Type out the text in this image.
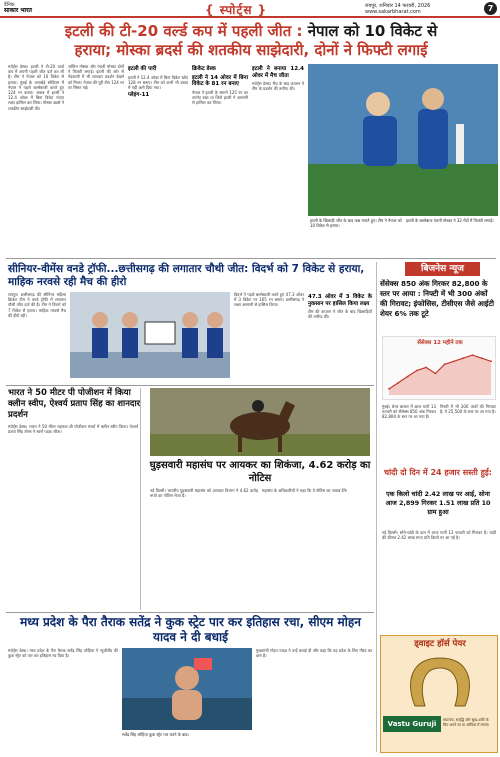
दैनिक
साकार भारत	{ स्पोर्ट्स }	रायपुर, शनिवार 14 फरवरी, 2026
www.sakarbharat.com	7
इटली की टी-20 वर्ल्ड कप में पहली जीत : नेपाल को 10 विकेट से
हराया; मोस्का ब्रदर्स की शतकीय साझेदारी, दोनों ने फिफ्टी लगाई
स्पोर्ट्स डेस्क। इटली ने टी-20 वर्ल्ड कप में अपनी पहली जीत दर्ज कर ली है। टीम ने नेपाल को 10 विकेट से हराया। मुंबई के वानखेड़े स्टेडियम में नेपाल ने पहले बल्लेबाजी करते हुए 124 रन बनाए। जवाब में इटली ने 12.4 ओवर में बिना विकेट गंवाए लक्ष्य हासिल कर लिया। मोस्का ब्रदर्स ने शतकीय साझेदारी की।
जस्टिन मोस्का और एंथनी मोस्का दोनों ने फिफ्टी लगाई। इटली की ओर से गेंदबाजी में भी शानदार प्रदर्शन देखने को मिला। नेपाल की पूरी टीम 124 रन पर सिमट गई।
इटली की पारी
इटली ने 12.4 ओवर में बिना विकेट खोए 128 रन बनाए। टीम को कभी भी दबाव में नहीं आने दिया गया।
प्लेइंग-11
क्रिकेट डेस्क
इटली ने 14 ओवर में बिना विकेट के 81 रन बनाए
नेपाल ने इटली के सामने 125 रन का टारगेट रखा था जिसे इटली ने आसानी से हासिल कर लिया।
इटली ने बनाया 12.4 ओवर में मैच जीता
स्पोर्ट्स डेस्क। मैच के बाद कप्तान ने टीम के प्रदर्शन की तारीफ की।
इटली के खिलाड़ी जीत के बाद जश्न मनाते हुए। टीम ने नेपाल को 10 विकेट से हराया।
इटली के बल्लेबाज एंथनी मोस्का ने 32 गेंदों में फिफ्टी लगाई।
सीनियर-वीमेंस वनडे ट्रॉफी...छत्तीसगढ़ की लगातार चौथी जीत: विदर्भ को 7 विकेट से हराया, माहिक नरवसे रही मैच की हीरो
रायपुर। छत्तीसगढ़ की सीनियर महिला क्रिकेट टीम ने वनडे ट्रॉफी में लगातार चौथी जीत दर्ज की है। टीम ने विदर्भ को 7 विकेट से हराया। माहिक नरवसे मैच की हीरो रहीं।
विदर्भ ने पहले बल्लेबाजी करते हुए 47.3 ओवर में 3 विकेट पर 165 रन बनाए। छत्तीसगढ़ ने लक्ष्य आसानी से हासिल किया।
47.3 ओवर में 3 विकेट के नुकसान पर हासिल किया लक्ष्य
टीम की कप्तान ने जीत के बाद खिलाड़ियों की तारीफ की।
भारत ने 50 मीटर पी पोजीशन में किया क्लीन स्वीप, ऐश्वर्य प्रताप सिंह का शानदार प्रदर्शन
स्पोर्ट्स डेस्क। भारत ने 50 मीटर राइफल थ्री पोजीशन स्पर्धा में क्लीन स्वीप किया। ऐश्वर्य प्रताप सिंह तोमर ने स्वर्ण पदक जीता।
घुड़सवारी महासंघ पर आयकर का शिकंजा, 4.62 करोड़ का नोटिस
नई दिल्ली। भारतीय घुड़सवारी महासंघ को आयकर विभाग ने 4.62 करोड़ रुपये का नोटिस भेजा है।
महासंघ के अधिकारियों ने कहा कि वे नोटिस का जवाब देंगे।
बिजनेस न्यूज
सेंसेक्स 850 अंक गिरकर 82,800 के स्तर पर आया : निफ्टी में भी 300 अंकों की गिरावट; इंफोसिस, टीसीएस जैसे आईटी शेयर 6% तक टूटे
सेंसेक्स 12 महीने तक
मुंबई। शेयर बाजार में आज यानी 13 फरवरी को सेंसेक्स 850 अंक गिरकर 82,800 के स्तर पर आ गया है।
निफ्टी में भी 300 अंकों की गिरावट है, ये 25,500 के स्तर पर आ गया है।
चांदी दो दिन में 24 हजार सस्ती हुई:
एक किलो चांदी 2.42 लाख पर आई, सोना आज 2,899 गिरकर 1.51 लाख प्रति 10 ग्राम हुआ
नई दिल्ली। सोने-चांदी के दाम में आज यानी 13 फरवरी को गिरावट है। चांदी की कीमत 2.42 लाख रुपए प्रति किलो पर आ गई है।
मध्य प्रदेश के पैरा तैराक सतेंद्र ने कुक स्ट्रेट पार कर इतिहास रचा, सीएम मोहन यादव ने दी बधाई
स्पोर्ट्स डेस्क। मध्य प्रदेश के पैरा तैराक सतेंद्र सिंह लोहिया ने न्यूजीलैंड की कुक स्ट्रेट को पार कर इतिहास रच दिया है।
सतेंद्र सिंह लोहिया कुक स्ट्रेट पार करने के बाद।
मुख्यमंत्री मोहन यादव ने उन्हें बधाई दी और कहा कि यह प्रदेश के लिए गौरव का क्षण है।
ड्वाइट हॉर्स पेयर
Vastu Guruji	सफलता, समृद्धि और सुख-शांति के लिए अपने घर या ऑफिस में लगाएं।
